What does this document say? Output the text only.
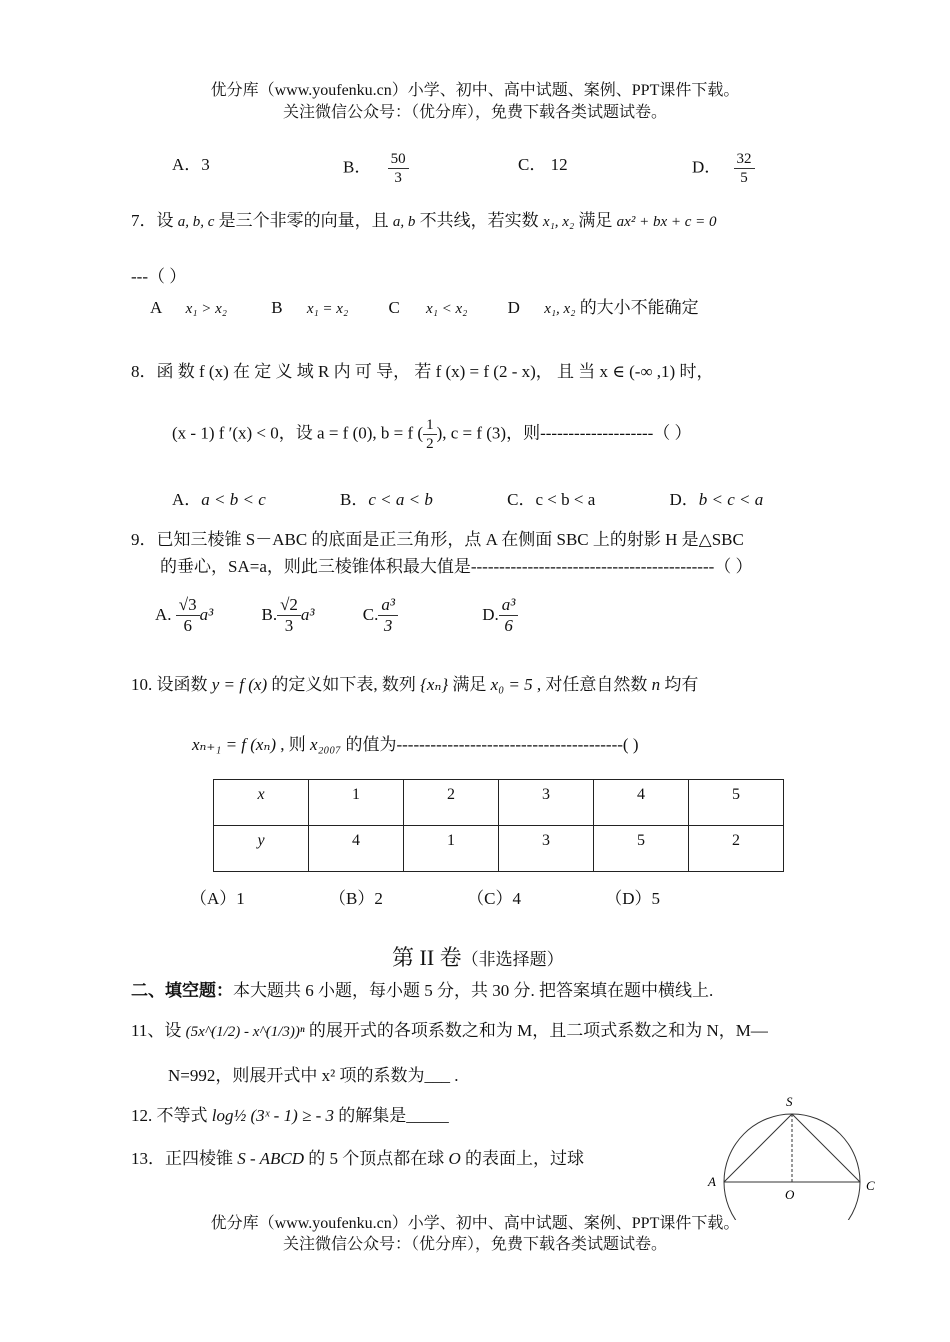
优分库（www.youfenku.cn）小学、初中、高中试题、案例、PPT课件下载。
关注微信公众号：（优分库），免费下载各类试题试卷。
A．3	B． $\frac{50}{3}$	C． 12	D． $\frac{32}{5}$
7．设 a, b, c 是三个非零的向量，且 a, b 不共线，若实数 x₁, x₂ 满足 ax² + bx + c = 0
---（ ）
A x₁ > x₂	B x₁ = x₂ C x₁ < x₂ D x₁, x₂ 的大小不能确定
8．函 数 f (x) 在 定 义 域 R 内 可 导， 若 f (x) = f (2 - x)， 且 当 x ∈ (-∞ ,1) 时，
(x - 1) f ′(x) < 0，设 a = f (0), b = f ( $\frac{1}{2}$ ), c = f (3)，则--------------------（ ）
A．a < b < c	B．c < a < b	C．c < b < a	D．b < c < a
9．已知三棱锥 S－ABC 的底面是正三角形，点 A 在侧面 SBC 上的射影 H 是△SBC
的垂心，SA=a，则此三棱锥体积最大值是-------------------------------------------（ ）
A. $\frac{√3}{6} a^3$	B. $\frac{√2}{3} a^3$	C. $\frac{\text{a³}}{3}$	D. $\frac{\text{a³}}{6}$
10. 设函数 y = f (x) 的定义如下表, 数列 {xₙ} 满足 x₀ = 5 , 对任意自然数 n 均有
xₙ₊₁ = f (xₙ) , 则 x₂₀₀₇ 的值为----------------------------------------( )
x	1	2	3	4	5
y	4	1	3	5	2
（A）1	（B）2	（C）4	（D）5
第 II 卷（非选择题）
二、填空题：本大题共 6 小题，每小题 5 分，共 30 分. 把答案填在题中横线上.
11、设 (5x^(1/2) - x^(1/3))ⁿ 的展开式的各项系数之和为 M，且二项式系数之和为 N，M—
N=992，则展开式中 x² 项的系数为___ .
12. 不等式 log½ (3ˣ - 1) ≥ - 3 的解集是_____
13．正四棱锥 S - ABCD 的 5 个顶点都在球 O 的表面上，过球
S
A
O
C
优分库（www.youfenku.cn）小学、初中、高中试题、案例、PPT课件下载。
关注微信公众号：（优分库），免费下载各类试题试卷。
